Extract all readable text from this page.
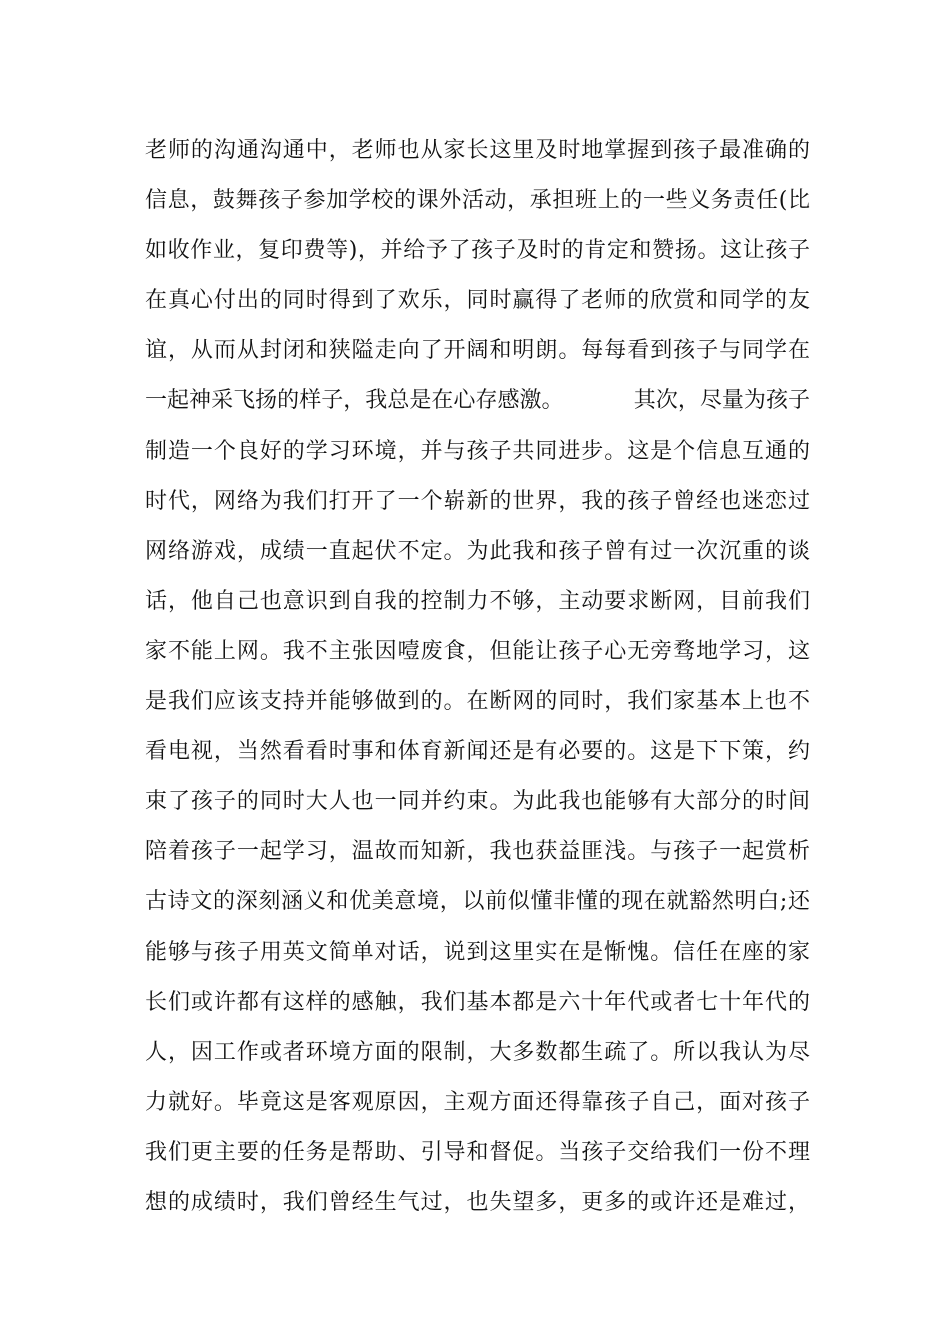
老师的沟通沟通中，老师也从家长这里及时地掌握到孩子最准确的
信息，鼓舞孩子参加学校的课外活动，承担班上的一些义务责任(比
如收作业，复印费等)，并给予了孩子及时的肯定和赞扬。这让孩子
在真心付出的同时得到了欢乐，同时赢得了老师的欣赏和同学的友
谊，从而从封闭和狭隘走向了开阔和明朗。每每看到孩子与同学在
一起神采飞扬的样子，我总是在心存感激。          其次，尽量为孩子
制造一个良好的学习环境，并与孩子共同进步。这是个信息互通的
时代，网络为我们打开了一个崭新的世界，我的孩子曾经也迷恋过
网络游戏，成绩一直起伏不定。为此我和孩子曾有过一次沉重的谈
话，他自己也意识到自我的控制力不够，主动要求断网，目前我们
家不能上网。我不主张因噎废食，但能让孩子心无旁骛地学习，这
是我们应该支持并能够做到的。在断网的同时，我们家基本上也不
看电视，当然看看时事和体育新闻还是有必要的。这是下下策，约
束了孩子的同时大人也一同并约束。为此我也能够有大部分的时间
陪着孩子一起学习，温故而知新，我也获益匪浅。与孩子一起赏析
古诗文的深刻涵义和优美意境，以前似懂非懂的现在就豁然明白;还
能够与孩子用英文简单对话，说到这里实在是惭愧。信任在座的家
长们或许都有这样的感触，我们基本都是六十年代或者七十年代的
人，因工作或者环境方面的限制，大多数都生疏了。所以我认为尽
力就好。毕竟这是客观原因，主观方面还得靠孩子自己，面对孩子
我们更主要的任务是帮助、引导和督促。当孩子交给我们一份不理
想的成绩时，我们曾经生气过，也失望多，更多的或许还是难过，
